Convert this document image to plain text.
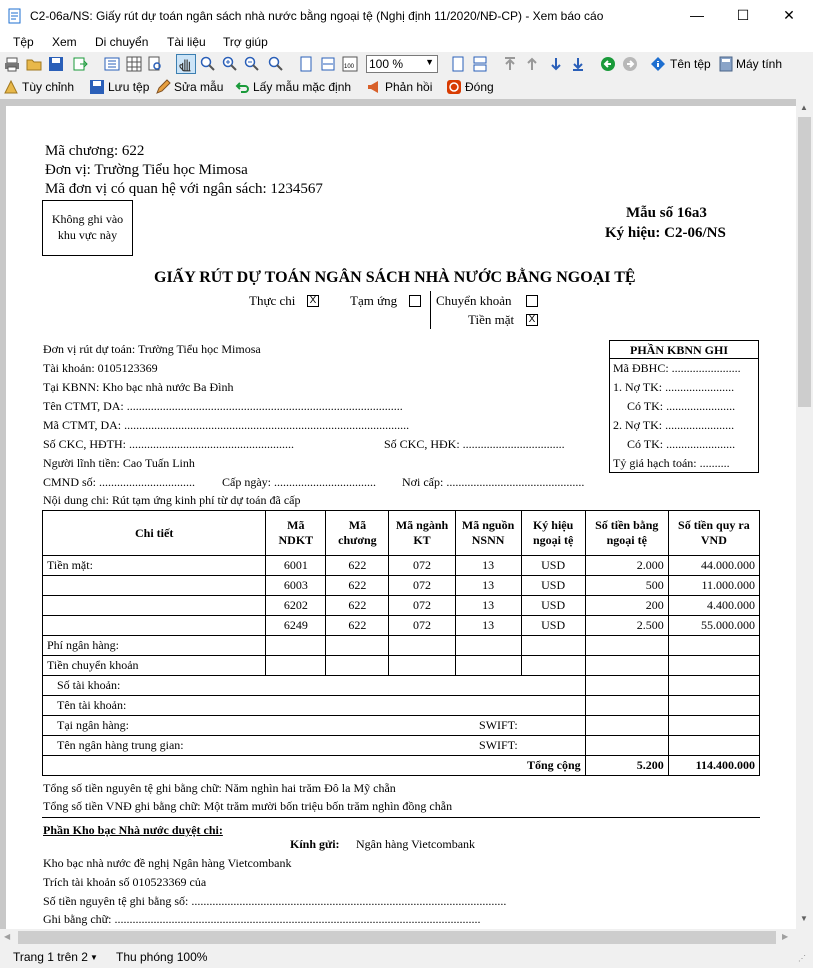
C2-06a/NS: Giấy rút dự toán ngân sách nhà nước bằng ngoại tệ (Nghị định 11/2020/NĐ-CP) - Xem báo cáo	—	☐	✕
Tệp Xem Di chuyển Tài liệu Trợ giúp
100 100 % ▼	Tên tệp Máy tính
Tùy chỉnh	Lưu tệp Sửa mẫu Lấy mẫu mặc định	Phản hồi	Đóng
Mã chương: 622
Đơn vị: Trường Tiểu học Mimosa
Mã đơn vị có quan hệ với ngân sách: 1234567
Không ghi vào khu vực này
Mẫu số 16a3
Ký hiệu: C2-06/NS
GIẤY RÚT DỰ TOÁN NGÂN SÁCH NHÀ NƯỚC BẰNG NGOẠI TỆ
Thực chi X	Tạm ứng	Chuyển khoản
Tiền mặt X
PHẦN KBNN GHI
Mã ĐBHC: .......................
1. Nợ TK: .......................
Có TK: .......................
2. Nợ TK: .......................
Có TK: .......................
Tỷ giá hạch toán: ..........
Đơn vị rút dự toán: Trường Tiểu học Mimosa
Tài khoản: 0105123369
Tại KBNN: Kho bạc nhà nước Ba Đình
Tên CTMT, DA: ............................................................................................
Mã CTMT, DA: ...............................................................................................
Số CKC, HĐTH: .......................................................	Số CKC, HĐK: ..................................
Người lĩnh tiền: Cao Tuấn Linh
CMND số: ................................ Cấp ngày: .................................. Nơi cấp: ..............................................
Nội dung chi: Rút tạm ứng kinh phí từ dự toán đã cấp
Chi tiết	Mã NDKT	Mã chương	Mã ngành KT	Mã nguồn NSNN	Ký hiệu ngoại tệ	Số tiền bằng ngoại tệ	Số tiền quy ra VND
Tiền mặt:	6001	622	072	13	USD	2.000	44.000.000
	6003	622	072	13	USD	500	11.000.000
	6202	622	072	13	USD	200	4.400.000
	6249	622	072	13	USD	2.500	55.000.000
Phí ngân hàng:							
Tiền chuyển khoản							
Số tài khoản:							
Tên tài khoản:							
Tại ngân hàng:				SWIFT:			
Tên ngân hàng trung gian:				SWIFT:			
Tổng cộng						5.200	114.400.000
Tổng số tiền nguyên tệ ghi bằng chữ: Năm nghìn hai trăm Đô la Mỹ chẵn
Tổng số tiền VNĐ ghi bằng chữ: Một trăm mười bốn triệu bốn trăm nghìn đồng chẵn
Phần Kho bạc Nhà nước duyệt chi:
Kính gửi: Ngân hàng Vietcombank
Kho bạc nhà nước đề nghị Ngân hàng Vietcombank
Trích tài khoản số 010523369 của
Số tiền nguyên tệ ghi bằng số: .........................................................................................................
Ghi bằng chữ: ..........................................................................................................................
▲
▼
◀	▶
Trang 1 trên 2 ▼ Thu phóng 100%	⋰
